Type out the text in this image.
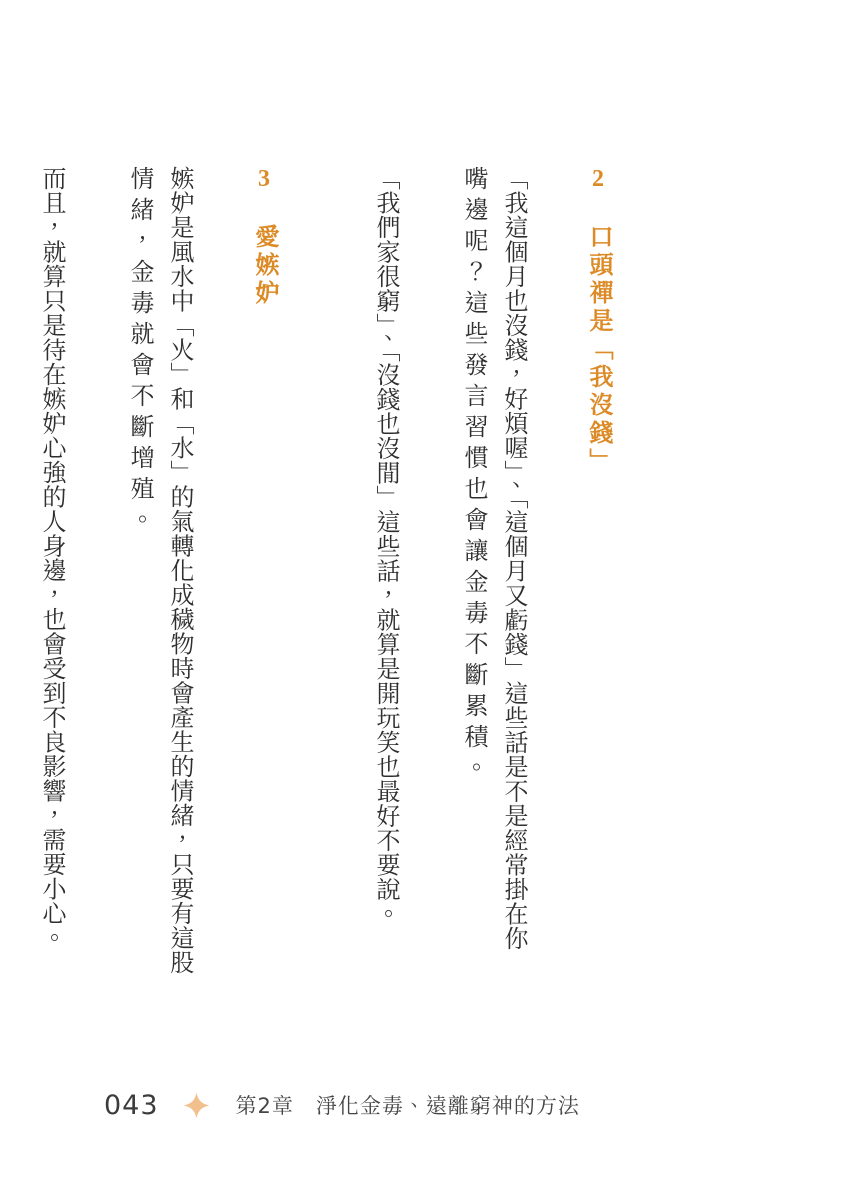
2　口頭禪是「我沒錢」
「我這個月也沒錢，好煩喔」、「這個月又虧錢」這些話是不是經常掛在你
嘴邊呢？這些發言習慣也會讓金毒不斷累積。
「我們家很窮」、「沒錢也沒閒」這些話，就算是開玩笑也最好不要說。
3　愛嫉妒
嫉妒是風水中「火」和「水」的氣轉化成穢物時會產生的情緒，只要有這股
情緒，金毒就會不斷增殖。
而且，就算只是待在嫉妒心強的人身邊，也會受到不良影響，需要小心。
043	第2章　淨化金毒、遠離窮神的方法
